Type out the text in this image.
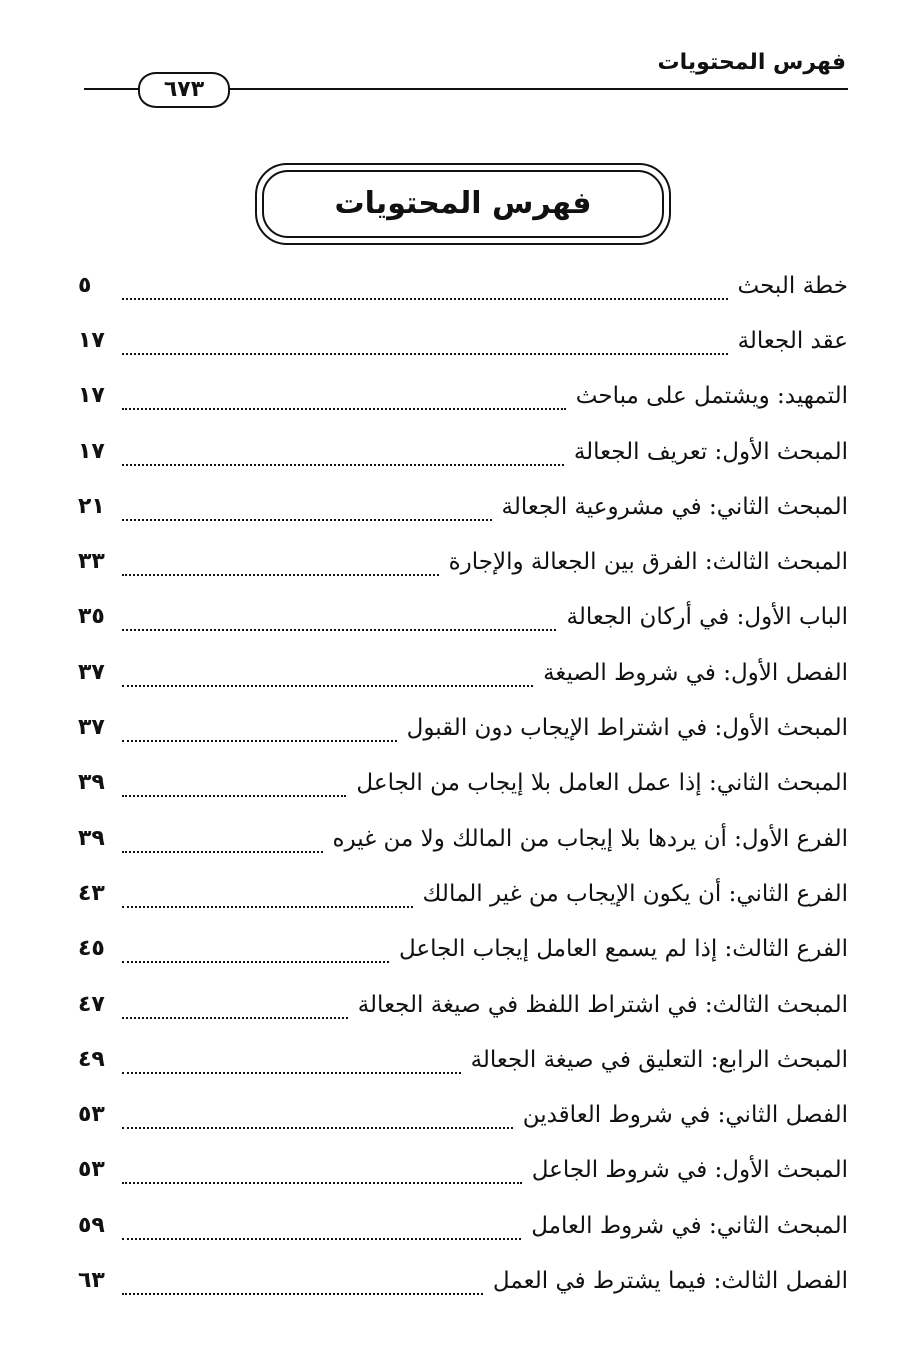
فهرس المحتويات
٦٧٣
فهرس المحتويات
خطة البحث
٥
عقد الجعالة
١٧
التمهيد: ويشتمل على مباحث
١٧
المبحث الأول: تعريف الجعالة
١٧
المبحث الثاني: في مشروعية الجعالة
٢١
المبحث الثالث: الفرق بين الجعالة والإجارة
٣٣
الباب الأول: في أركان الجعالة
٣٥
الفصل الأول: في شروط الصيغة
٣٧
المبحث الأول: في اشتراط الإيجاب دون القبول
٣٧
المبحث الثاني: إذا عمل العامل بلا إيجاب من الجاعل
٣٩
الفرع الأول: أن يردها بلا إيجاب من المالك ولا من غيره
٣٩
الفرع الثاني: أن يكون الإيجاب من غير المالك
٤٣
الفرع الثالث: إذا لم يسمع العامل إيجاب الجاعل
٤٥
المبحث الثالث: في اشتراط اللفظ في صيغة الجعالة
٤٧
المبحث الرابع: التعليق في صيغة الجعالة
٤٩
الفصل الثاني: في شروط العاقدين
٥٣
المبحث الأول: في شروط الجاعل
٥٣
المبحث الثاني: في شروط العامل
٥٩
الفصل الثالث: فيما يشترط في العمل
٦٣
